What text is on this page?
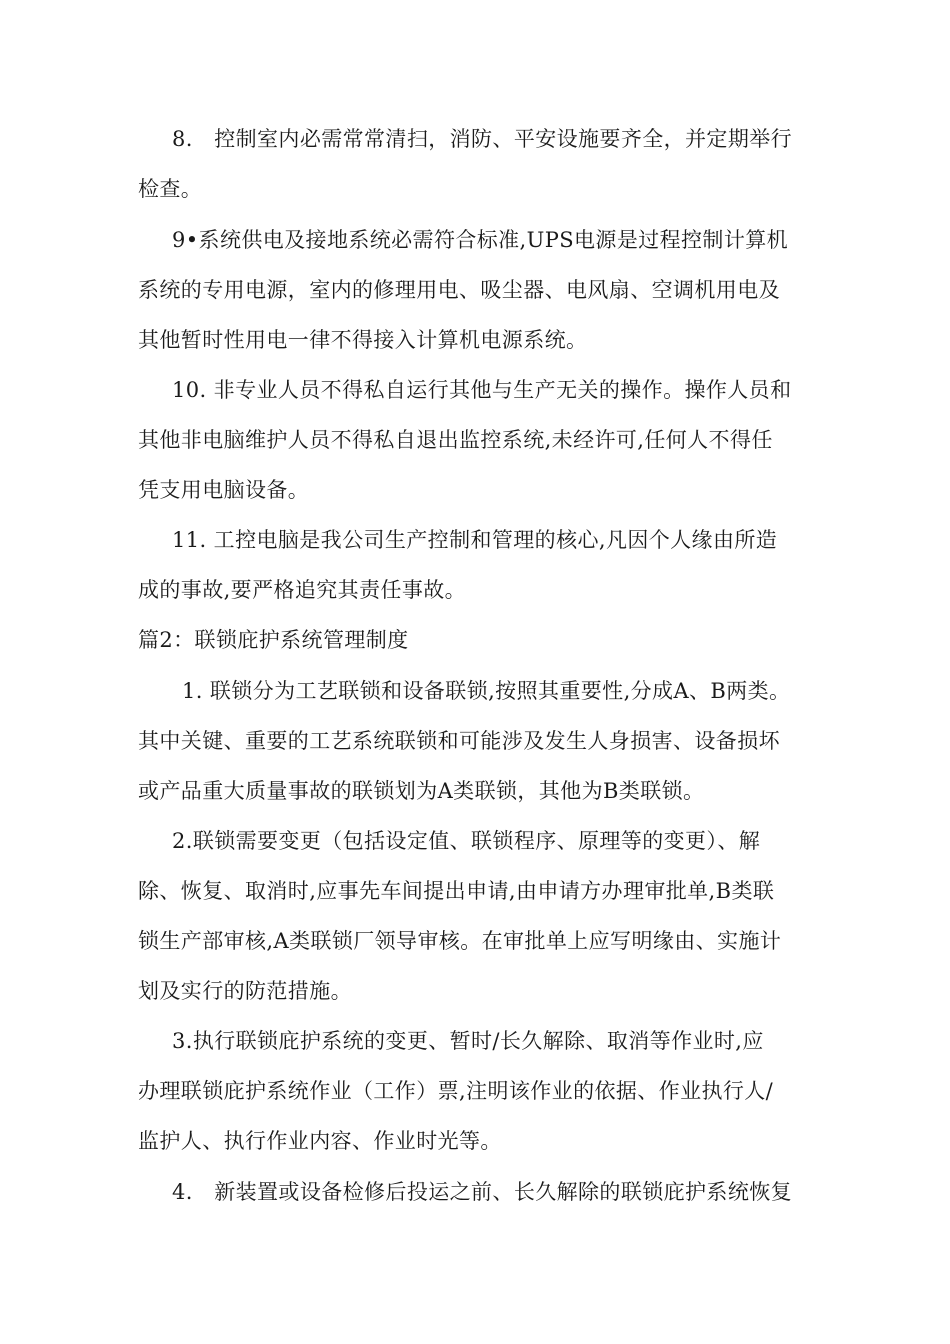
8.　控制室内必需常常清扫，消防、平安设施要齐全，并定期举行
检查。
9•系统供电及接地系统必需符合标准,UPS电源是过程控制计算机
系统的专用电源，室内的修理用电、吸尘器、电风扇、空调机用电及
其他暂时性用电一律不得接入计算机电源系统。
10. 非专业人员不得私自运行其他与生产无关的操作。操作人员和
其他非电脑维护人员不得私自退出监控系统,未经许可,任何人不得任
凭支用电脑设备。
11. 工控电脑是我公司生产控制和管理的核心,凡因个人缘由所造
成的事故,要严格追究其责任事故。
篇2：联锁庇护系统管理制度
1. 联锁分为工艺联锁和设备联锁,按照其重要性,分成A、B两类。
其中关键、重要的工艺系统联锁和可能涉及发生人身损害、设备损坏
或产品重大质量事故的联锁划为A类联锁，其他为B类联锁。
2.联锁需要变更（包括设定值、联锁程序、原理等的变更）、解
除、恢复、取消时,应事先车间提出申请,由申请方办理审批单,B类联
锁生产部审核,A类联锁厂领导审核。在审批单上应写明缘由、实施计
划及实行的防范措施。
3.执行联锁庇护系统的变更、暂时/长久解除、取消等作业时,应
办理联锁庇护系统作业（工作）票,注明该作业的依据、作业执行人/
监护人、执行作业内容、作业时光等。
4.　新装置或设备检修后投运之前、长久解除的联锁庇护系统恢复
